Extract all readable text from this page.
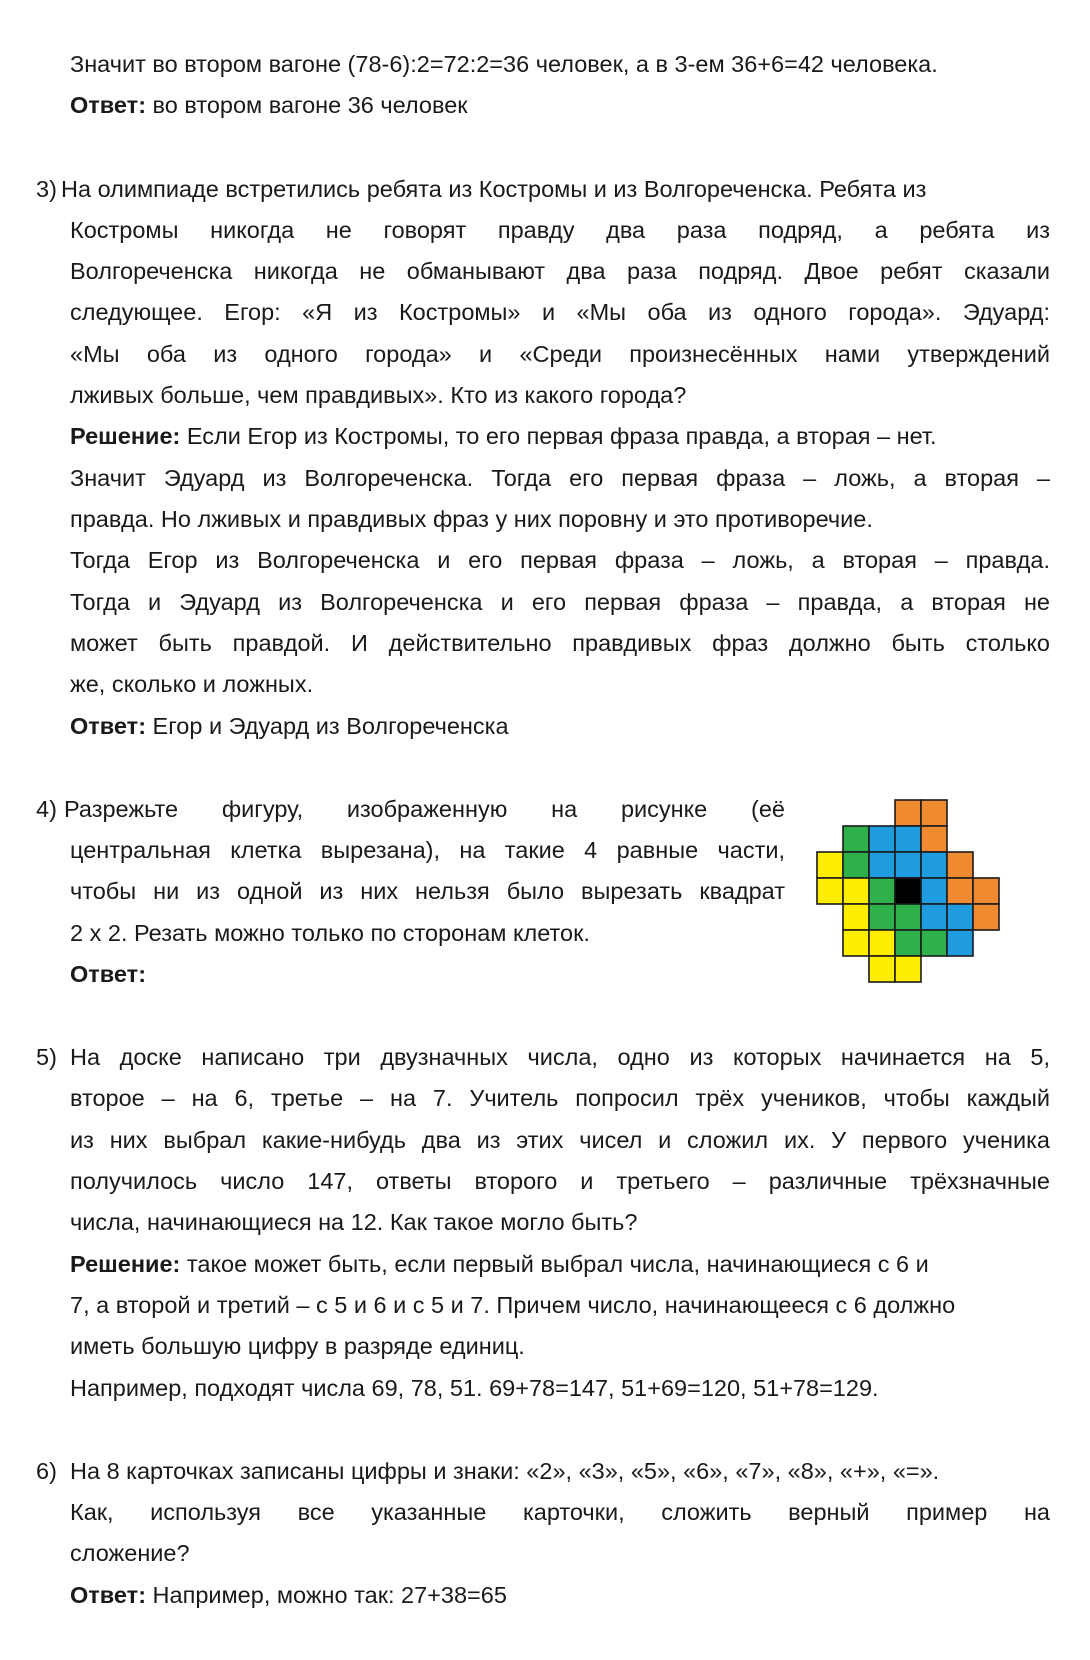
Значит во втором вагоне (78-6):2=72:2=36 человек, а в 3-ем 36+6=42 человека.
Ответ: во втором вагоне 36 человек
3) На олимпиаде встретились ребята из Костромы и из Волгореченска. Ребята из
Костромы никогда не говорят правду два раза подряд, а ребята из
Волгореченска никогда не обманывают два раза подряд. Двое ребят сказали
следующее. Егор: «Я из Костромы» и «Мы оба из одного города». Эдуард:
«Мы оба из одного города» и «Среди произнесённых нами утверждений
лживых больше, чем правдивых». Кто из какого города?
Решение: Если Егор из Костромы, то его первая фраза правда, а вторая – нет.
Значит Эдуард из Волгореченска. Тогда его первая фраза – ложь, а вторая –
правда. Но лживых и правдивых фраз у них поровну и это противоречие.
Тогда Егор из Волгореченска и его первая фраза – ложь, а вторая – правда.
Тогда и Эдуард из Волгореченска и его первая фраза – правда, а вторая не
может быть правдой. И действительно правдивых фраз должно быть столько
же, сколько и ложных.
Ответ: Егор и Эдуард из Волгореченска
4) Разрежьте фигуру, изображенную на рисунке (её
центральная клетка вырезана), на такие 4 равные части,
чтобы ни из одной из них нельзя было вырезать квадрат
2 х 2. Резать можно только по сторонам клеток.
Ответ:
5) На доске написано три двузначных числа, одно из которых начинается на 5,
второе – на 6, третье – на 7. Учитель попросил трёх учеников, чтобы каждый
из них выбрал какие-нибудь два из этих чисел и сложил их. У первого ученика
получилось число 147, ответы второго и третьего – различные трёхзначные
числа, начинающиеся на 12. Как такое могло быть?
Решение: такое может быть, если первый выбрал числа, начинающиеся с 6 и
7, а второй и третий – с 5 и 6 и с 5 и 7. Причем число, начинающееся с 6 должно
иметь большую цифру в разряде единиц.
Например, подходят числа 69, 78, 51. 69+78=147, 51+69=120, 51+78=129.
6) На 8 карточках записаны цифры и знаки: «2», «3», «5», «6», «7», «8», «+», «=».
Как, используя все указанные карточки, сложить верный пример на
сложение?
Ответ: Например, можно так: 27+38=65
